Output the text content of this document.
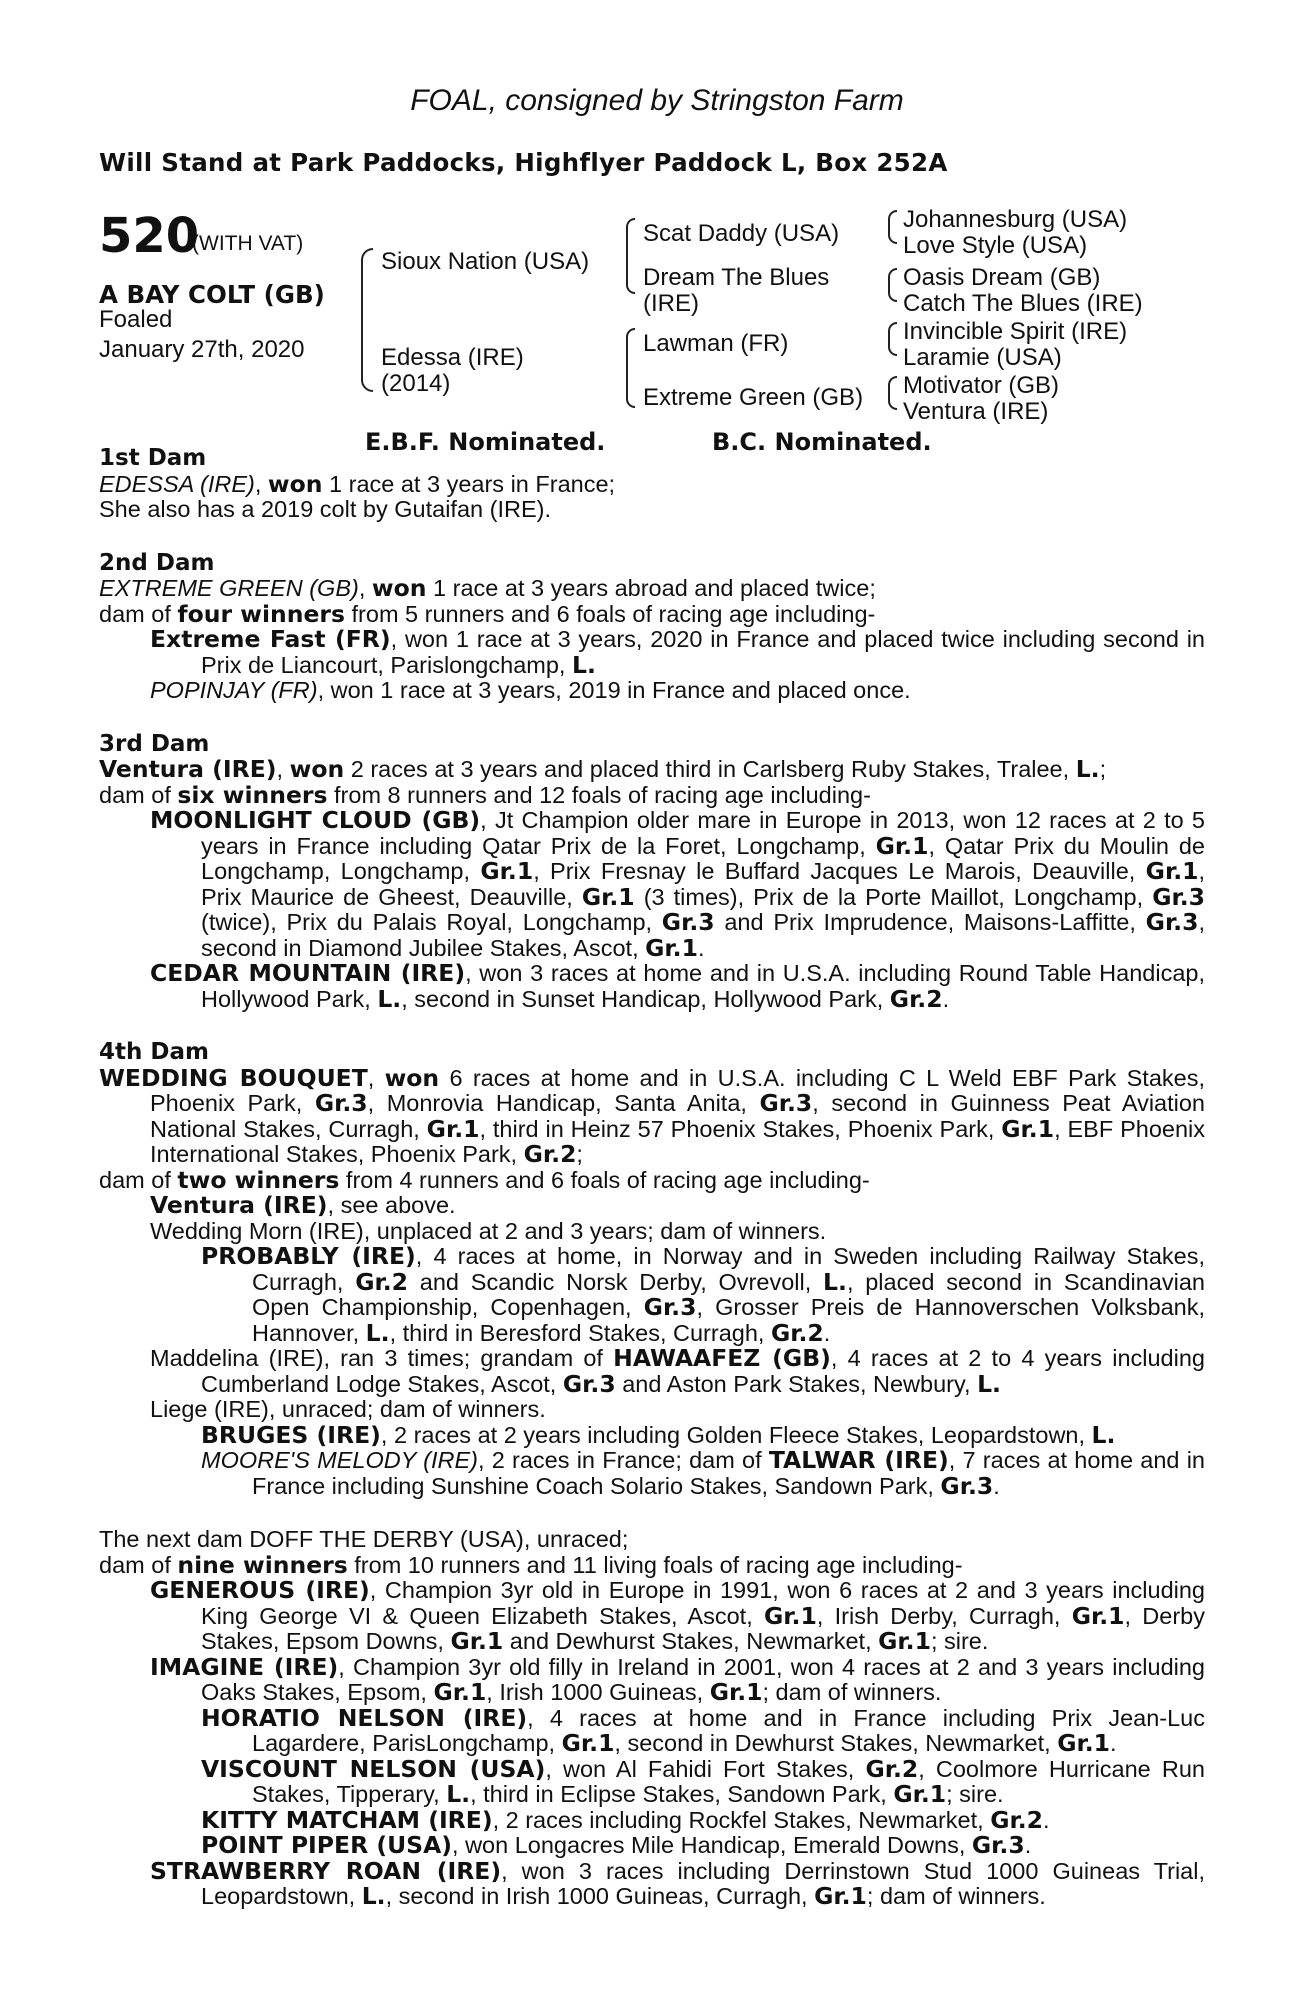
FOAL, consigned by Stringston Farm
Will Stand at Park Paddocks, Highflyer Paddock L, Box 252A
520
(WITH VAT)
A BAY COLT (GB)
Foaled
January 27th, 2020
Sioux Nation (USA)
Edessa (IRE)
(2014)
Scat Daddy (USA)
Dream The Blues
(IRE)
Lawman (FR)
Extreme Green (GB)
Johannesburg (USA)
Love Style (USA)
Oasis Dream (GB)
Catch The Blues (IRE)
Invincible Spirit (IRE)
Laramie (USA)
Motivator (GB)
Ventura (IRE)
E.B.F. Nominated.	B.C. Nominated.
1st Dam

EDESSA (IRE), won 1 race at 3 years in France;

She also has a 2019 colt by Gutaifan (IRE).

2nd Dam

EXTREME GREEN (GB), won 1 race at 3 years abroad and placed twice;

dam of four winners from 5 runners and 6 foals of racing age including-

Extreme Fast (FR), won 1 race at 3 years, 2020 in France and placed twice including second in Prix de Liancourt, Parislongchamp, L.

POPINJAY (FR), won 1 race at 3 years, 2019 in France and placed once.

3rd Dam

Ventura (IRE), won 2 races at 3 years and placed third in Carlsberg Ruby Stakes, Tralee, L.;

dam of six winners from 8 runners and 12 foals of racing age including-

MOONLIGHT CLOUD (GB), Jt Champion older mare in Europe in 2013, won 12 races at 2 to 5 years in France including Qatar Prix de la Foret, Longchamp, Gr.1, Qatar Prix du Moulin de Longchamp, Longchamp, Gr.1, Prix Fresnay le Buffard Jacques Le Marois, Deauville, Gr.1, Prix Maurice de Gheest, Deauville, Gr.1 (3 times), Prix de la Porte Maillot, Longchamp, Gr.3 (twice), Prix du Palais Royal, Longchamp, Gr.3 and Prix Imprudence, Maisons-Laffitte, Gr.3, second in Diamond Jubilee Stakes, Ascot, Gr.1.

CEDAR MOUNTAIN (IRE), won 3 races at home and in U.S.A. including Round Table Handicap, Hollywood Park, L., second in Sunset Handicap, Hollywood Park, Gr.2.

4th Dam

WEDDING BOUQUET, won 6 races at home and in U.S.A. including C L Weld EBF Park Stakes, Phoenix Park, Gr.3, Monrovia Handicap, Santa Anita, Gr.3, second in Guinness Peat Aviation National Stakes, Curragh, Gr.1, third in Heinz 57 Phoenix Stakes, Phoenix Park, Gr.1, EBF Phoenix International Stakes, Phoenix Park, Gr.2;

dam of two winners from 4 runners and 6 foals of racing age including-

Ventura (IRE), see above.

Wedding Morn (IRE), unplaced at 2 and 3 years; dam of winners.

PROBABLY (IRE), 4 races at home, in Norway and in Sweden including Railway Stakes, Curragh, Gr.2 and Scandic Norsk Derby, Ovrevoll, L., placed second in Scandinavian Open Championship, Copenhagen, Gr.3, Grosser Preis de Hannoverschen Volksbank, Hannover, L., third in Beresford Stakes, Curragh, Gr.2.

Maddelina (IRE), ran 3 times; grandam of HAWAAFEZ (GB), 4 races at 2 to 4 years including Cumberland Lodge Stakes, Ascot, Gr.3 and Aston Park Stakes, Newbury, L.

Liege (IRE), unraced; dam of winners.

BRUGES (IRE), 2 races at 2 years including Golden Fleece Stakes, Leopardstown, L.

MOORE'S MELODY (IRE), 2 races in France; dam of TALWAR (IRE), 7 races at home and in France including Sunshine Coach Solario Stakes, Sandown Park, Gr.3.

The next dam DOFF THE DERBY (USA), unraced;

dam of nine winners from 10 runners and 11 living foals of racing age including-

GENEROUS (IRE), Champion 3yr old in Europe in 1991, won 6 races at 2 and 3 years including King George VI & Queen Elizabeth Stakes, Ascot, Gr.1, Irish Derby, Curragh, Gr.1, Derby Stakes, Epsom Downs, Gr.1 and Dewhurst Stakes, Newmarket, Gr.1; sire.

IMAGINE (IRE), Champion 3yr old filly in Ireland in 2001, won 4 races at 2 and 3 years including Oaks Stakes, Epsom, Gr.1, Irish 1000 Guineas, Gr.1; dam of winners.

HORATIO NELSON (IRE), 4 races at home and in France including Prix Jean-Luc Lagardere, ParisLongchamp, Gr.1, second in Dewhurst Stakes, Newmarket, Gr.1.

VISCOUNT NELSON (USA), won Al Fahidi Fort Stakes, Gr.2, Coolmore Hurricane Run Stakes, Tipperary, L., third in Eclipse Stakes, Sandown Park, Gr.1; sire.

KITTY MATCHAM (IRE), 2 races including Rockfel Stakes, Newmarket, Gr.2.

POINT PIPER (USA), won Longacres Mile Handicap, Emerald Downs, Gr.3.

STRAWBERRY ROAN (IRE), won 3 races including Derrinstown Stud 1000 Guineas Trial, Leopardstown, L., second in Irish 1000 Guineas, Curragh, Gr.1; dam of winners.
